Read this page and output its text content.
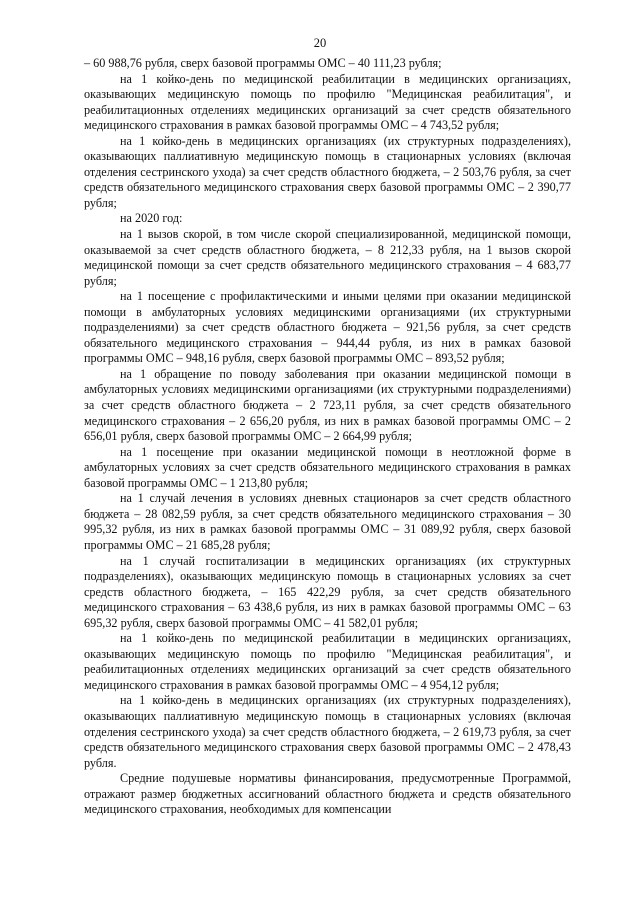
20

– 60 988,76 рубля, сверх базовой программы ОМС – 40 111,23 рубля;

на 1 койко-день по медицинской реабилитации в медицинских организациях, оказывающих медицинскую помощь по профилю "Медицинская реабилитация", и реабилитационных отделениях медицинских организаций за счет средств обязательного медицинского страхования в рамках базовой программы ОМС – 4 743,52 рубля;

на 1 койко-день в медицинских организациях (их структурных подразделениях), оказывающих паллиативную медицинскую помощь в стационарных условиях (включая отделения сестринского ухода) за счет средств областного бюджета, – 2 503,76 рубля, за счет средств обязательного медицинского страхования сверх базовой программы ОМС – 2 390,77 рубля;

на 2020 год:

на 1 вызов скорой, в том числе скорой специализированной, медицинской помощи, оказываемой за счет средств областного бюджета, – 8 212,33 рубля, на 1 вызов скорой медицинской помощи за счет средств обязательного медицинского страхования – 4 683,77 рубля;

на 1 посещение с профилактическими и иными целями при оказании медицинской помощи в амбулаторных условиях медицинскими организациями (их структурными подразделениями) за счет средств областного бюджета – 921,56 рубля, за счет средств обязательного медицинского страхования – 944,44 рубля, из них в рамках базовой программы ОМС – 948,16 рубля, сверх базовой программы ОМС – 893,52 рубля;

на 1 обращение по поводу заболевания при оказании медицинской помощи в амбулаторных условиях медицинскими организациями (их структурными подразделениями) за счет средств областного бюджета – 2 723,11 рубля, за счет средств обязательного медицинского страхования – 2 656,20 рубля, из них в рамках базовой программы ОМС – 2 656,01 рубля, сверх базовой программы ОМС – 2 664,99 рубля;

на 1 посещение при оказании медицинской помощи в неотложной форме в амбулаторных условиях за счет средств обязательного медицинского страхования в рамках базовой программы ОМС – 1 213,80 рубля;

на 1 случай лечения в условиях дневных стационаров за счет средств областного бюджета – 28 082,59 рубля, за счет средств обязательного медицинского страхования – 30 995,32 рубля, из них в рамках базовой программы ОМС – 31 089,92 рубля, сверх базовой программы ОМС – 21 685,28 рубля;

на 1 случай госпитализации в медицинских организациях (их структурных подразделениях), оказывающих медицинскую помощь в стационарных условиях за счет средств областного бюджета, – 165 422,29 рубля, за счет средств обязательного медицинского страхования – 63 438,6 рубля, из них в рамках базовой программы ОМС – 63 695,32 рубля, сверх базовой программы ОМС – 41 582,01 рубля;

на 1 койко-день по медицинской реабилитации в медицинских организациях, оказывающих медицинскую помощь по профилю "Медицинская реабилитация", и реабилитационных отделениях медицинских организаций за счет средств обязательного медицинского страхования в рамках базовой программы ОМС – 4 954,12 рубля;

на 1 койко-день в медицинских организациях (их структурных подразделениях), оказывающих паллиативную медицинскую помощь в стационарных условиях (включая отделения сестринского ухода) за счет средств областного бюджета, – 2 619,73 рубля, за счет средств обязательного медицинского страхования сверх базовой программы ОМС – 2 478,43 рубля.

Средние подушевые нормативы финансирования, предусмотренные Программой, отражают размер бюджетных ассигнований областного бюджета и средств обязательного медицинского страхования, необходимых для компенсации
